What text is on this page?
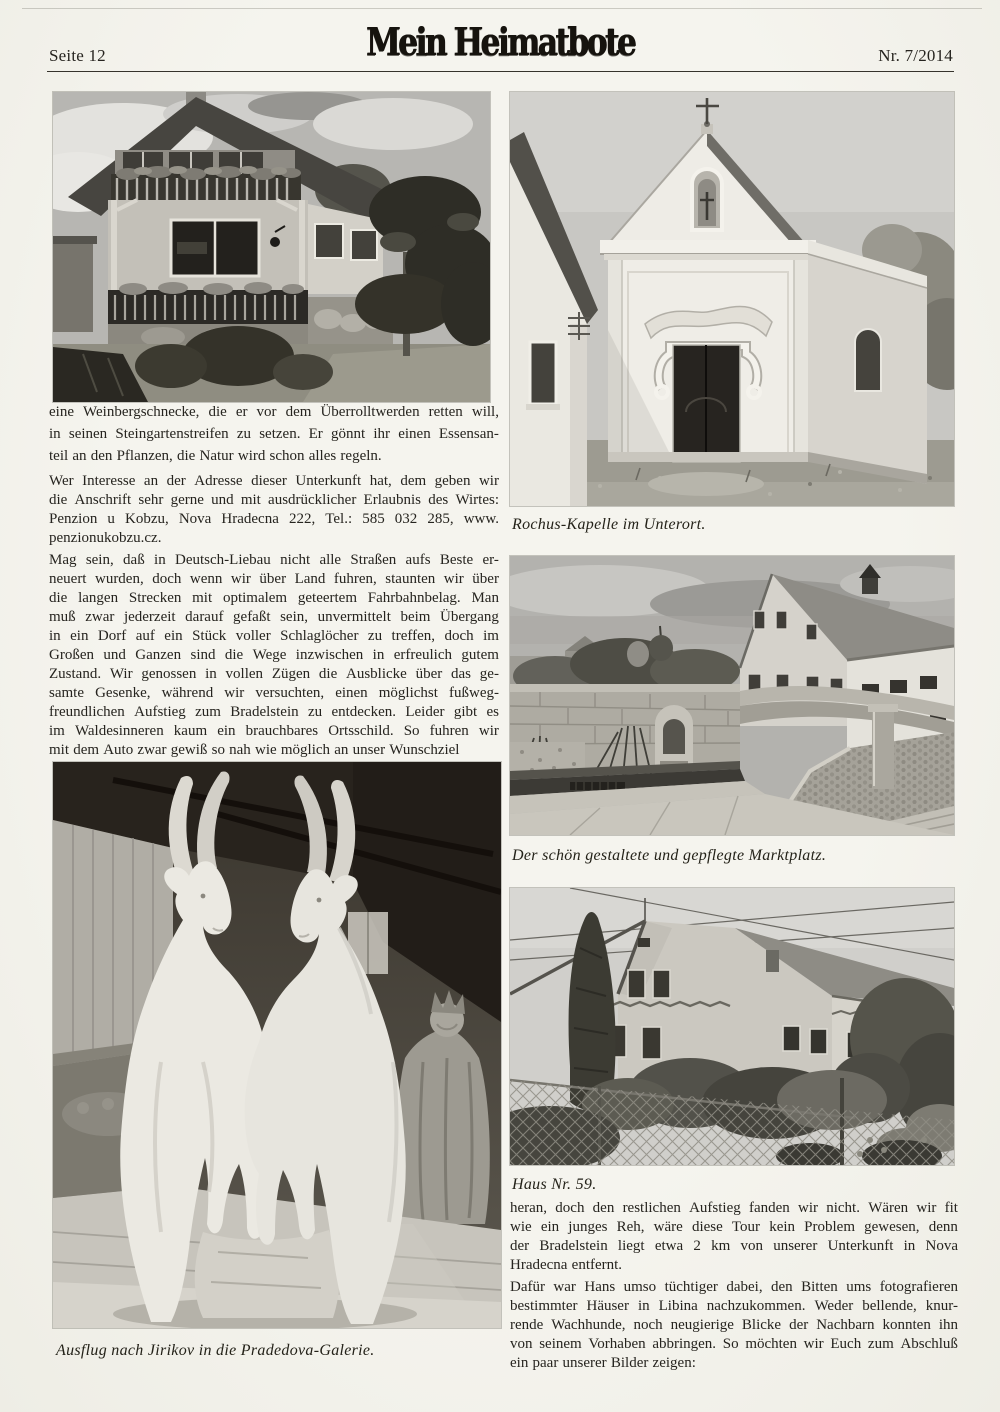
Seite 12	Mein Heimatbote	Nr. 7/2014
Rochus-Kapelle im Unterort.
Der schön gestaltete und gepflegte Marktplatz.
Haus Nr. 59.
Ausflug nach Jirikov in die Pradedova-Galerie.
eine Weinbergschnecke, die er vor dem Überrolltwerden retten will,
in seinen Steingartenstreifen zu setzen. Er gönnt ihr einen Essensan-
teil an den Pflanzen, die Natur wird schon alles regeln.
Wer Interesse an der Adresse dieser Unterkunft hat, dem geben wir
die Anschrift sehr gerne und mit ausdrücklicher Erlaubnis des Wirtes:
Penzion u Kobzu, Nova Hradecna 222, Tel.: 585 032 285, www.
penzionukobzu.cz.
Mag sein, daß in Deutsch-Liebau nicht alle Straßen aufs Beste er-
neuert wurden, doch wenn wir über Land fuhren, staunten wir über
die langen Strecken mit optimalem geteertem Fahrbahnbelag. Man
muß zwar jederzeit darauf gefaßt sein, unvermittelt beim Übergang
in ein Dorf auf ein Stück voller Schlaglöcher zu treffen, doch im
Großen und Ganzen sind die Wege inzwischen in erfreulich gutem
Zustand. Wir genossen in vollen Zügen die Ausblicke über das ge-
samte Gesenke, während wir versuchten, einen möglichst fußweg-
freundlichen Aufstieg zum Bradelstein zu entdecken. Leider gibt es
im Waldesinneren kaum ein brauchbares Ortsschild. So fuhren wir
mit dem Auto zwar gewiß so nah wie möglich an unser Wunschziel
heran, doch den restlichen Aufstieg fanden wir nicht. Wären wir fit
wie ein junges Reh, wäre diese Tour kein Problem gewesen, denn
der Bradelstein liegt etwa 2 km von unserer Unterkunft in Nova
Hradecna entfernt.
Dafür war Hans umso tüchtiger dabei, den Bitten ums fotografieren
bestimmter Häuser in Libina nachzukommen. Weder bellende, knur-
rende Wachhunde, noch neugierige Blicke der Nachbarn konnten ihn
von seinem Vorhaben abbringen. So möchten wir Euch zum Abschluß
ein paar unserer Bilder zeigen:
